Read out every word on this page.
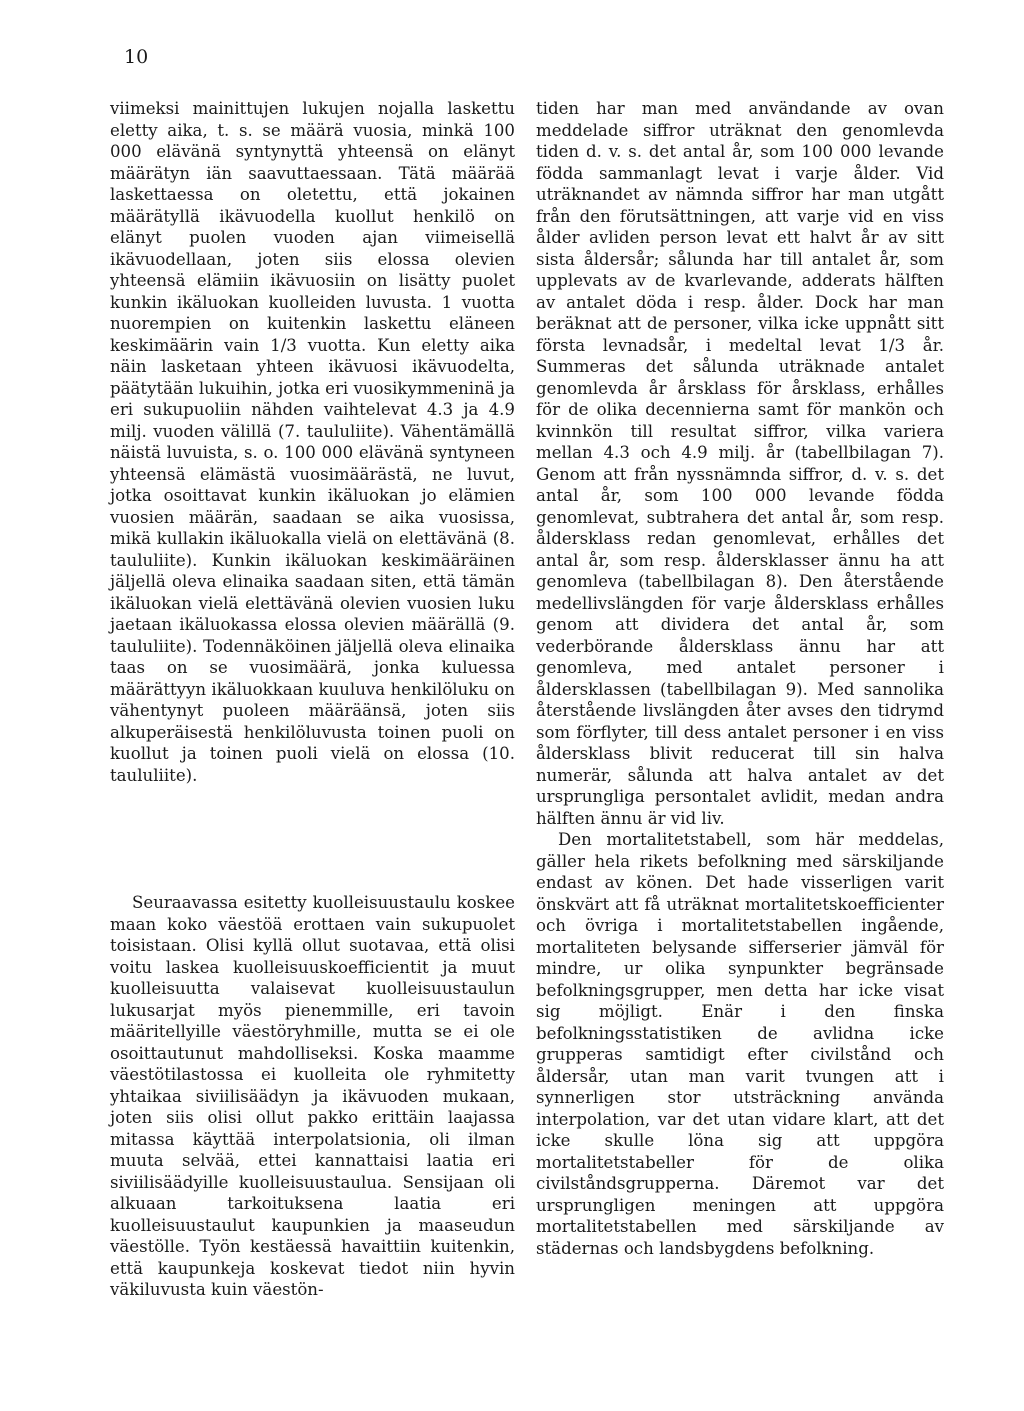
10

viimeksi mainittujen lukujen nojalla laskettu eletty aika, t. s. se määrä vuosia, minkä 100 000 elävänä syntynyttä yhteensä on elänyt määrätyn iän saavuttaessaan. Tätä määrää laskettaessa on oletettu, että jokainen määrätyllä ikävuodella kuollut henkilö on elänyt puolen vuoden ajan viimeisellä ikävuodellaan, joten siis elossa olevien yhteensä elämiin ikävuosiin on lisätty puolet kunkin ikäluokan kuolleiden luvusta. 1 vuotta nuorempien on kuitenkin laskettu eläneen keskimäärin vain 1/3 vuotta. Kun eletty aika näin lasketaan yhteen ikävuosi ikävuodelta, päätytään lukuihin, jotka eri vuosikymmeninä ja eri sukupuoliin nähden vaihtelevat 4.3 ja 4.9 milj. vuoden välillä (7. taululiite). Vähentämällä näistä luvuista, s. o. 100 000 elävänä syntyneen yhteensä elämästä vuosimäärästä, ne luvut, jotka osoittavat kunkin ikäluokan jo elämien vuosien määrän, saadaan se aika vuosissa, mikä kullakin ikäluokalla vielä on elettävänä (8. taululiite). Kunkin ikäluokan keskimääräinen jäljellä oleva elinaika saadaan siten, että tämän ikäluokan vielä elettävänä olevien vuosien luku jaetaan ikäluokassa elossa olevien määrällä (9. taululiite). Todennäköinen jäljellä oleva elinaika taas on se vuosimäärä, jonka kuluessa määrättyyn ikäluokkaan kuuluva henkilöluku on vähentynyt puoleen määräänsä, joten siis alkuperäisestä henkilöluvusta toinen puoli on kuollut ja toinen puoli vielä on elossa (10. taululiite).

Seuraavassa esitetty kuolleisuustaulu koskee maan koko väestöä erottaen vain sukupuolet toisistaan. Olisi kyllä ollut suotavaa, että olisi voitu laskea kuolleisuuskoefficientit ja muut kuolleisuutta valaisevat kuolleisuustaulun lukusarjat myös pienemmille, eri tavoin määritellyille väestöryhmille, mutta se ei ole osoittautunut mahdolliseksi. Koska maamme väestötilastossa ei kuolleita ole ryhmitetty yhtaikaa siviilisäädyn ja ikävuoden mukaan, joten siis olisi ollut pakko erittäin laajassa mitassa käyttää interpolatsionia, oli ilman muuta selvää, ettei kannattaisi laatia eri siviilisäädyille kuolleisuustaulua. Sensijaan oli alkuaan tarkoituksena laatia eri kuolleisuustaulut kaupunkien ja maaseudun väestölle. Työn kestäessä havaittiin kuitenkin, että kaupunkeja koskevat tiedot niin hyvin väkiluvusta kuin väestön-

tiden har man med användande av ovan meddelade siffror uträknat den genomlevda tiden d. v. s. det antal år, som 100 000 levande födda sammanlagt levat i varje ålder. Vid uträknandet av nämnda siffror har man utgått från den förutsättningen, att varje vid en viss ålder avliden person levat ett halvt år av sitt sista åldersår; sålunda har till antalet år, som upplevats av de kvarlevande, adderats hälften av antalet döda i resp. ålder. Dock har man beräknat att de personer, vilka icke uppnått sitt första levnadsår, i medeltal levat 1/3 år. Summeras det sålunda uträknade antalet genomlevda år årsklass för årsklass, erhålles för de olika decennierna samt för mankön och kvinnkön till resultat siffror, vilka variera mellan 4.3 och 4.9 milj. år (tabellbilagan 7). Genom att från nyssnämnda siffror, d. v. s. det antal år, som 100 000 levande födda genomlevat, subtrahera det antal år, som resp. åldersklass redan genomlevat, erhålles det antal år, som resp. åldersklasser ännu ha att genomleva (tabellbilagan 8). Den återstående medellivslängden för varje åldersklass erhålles genom att dividera det antal år, som vederbörande åldersklass ännu har att genomleva, med antalet personer i åldersklassen (tabellbilagan 9). Med sannolika återstående livslängden åter avses den tidrymd som förflyter, till dess antalet personer i en viss åldersklass blivit reducerat till sin halva numerär, sålunda att halva antalet av det ursprungliga persontalet avlidit, medan andra hälften ännu är vid liv.

Den mortalitetstabell, som här meddelas, gäller hela rikets befolkning med särskiljande endast av könen. Det hade visserligen varit önskvärt att få uträknat mortalitetskoefficienter och övriga i mortalitetstabellen ingående, mortaliteten belysande sifferserier jämväl för mindre, ur olika synpunkter begränsade befolkningsgrupper, men detta har icke visat sig möjligt. Enär i den finska befolkningsstatistiken de avlidna icke grupperas samtidigt efter civilstånd och åldersår, utan man varit tvungen att i synnerligen stor utsträckning använda interpolation, var det utan vidare klart, att det icke skulle löna sig att uppgöra mortalitetstabeller för de olika civilståndsgrupperna. Däremot var det ursprungligen meningen att uppgöra mortalitetstabellen med särskiljande av städernas och landsbygdens befolkning.
